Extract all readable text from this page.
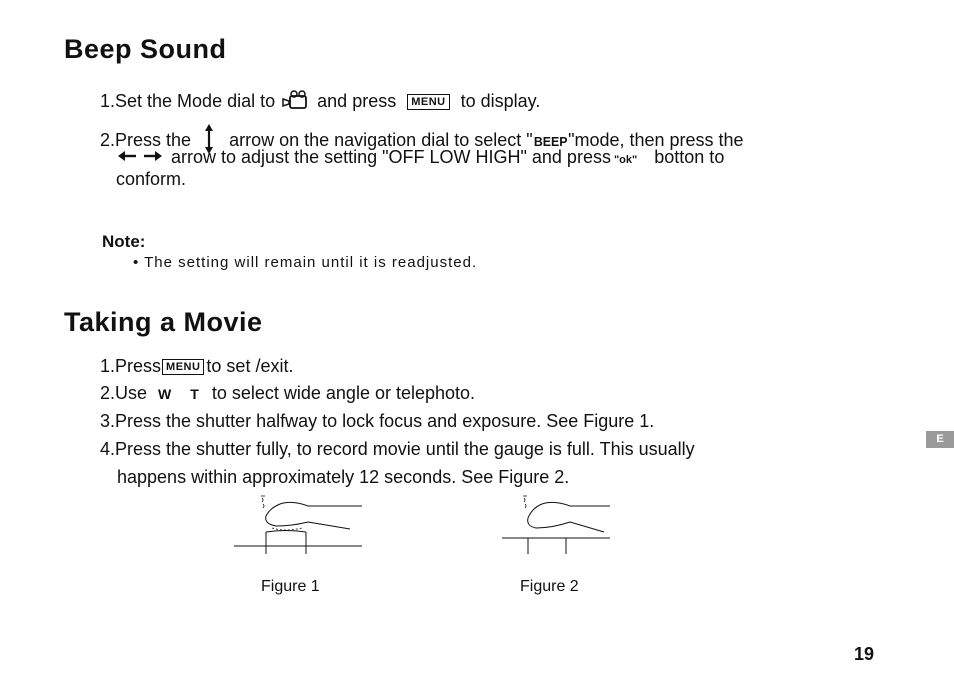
Beep Sound
1.Set the Mode dial to and press MENU to display.
2.Press the arrow on the navigation dial to select "BEEP"mode, then press the
arrow to adjust the setting "OFF LOW HIGH" and press "ok" botton to
conform.
Note:
• The setting will remain until it is readjusted.
Taking a Movie
1.Press MENU to set /exit.
2.Use W T to select wide angle or telephoto.
3.Press the shutter halfway to lock focus and exposure. See Figure 1.
4.Press the shutter fully, to record movie until the gauge is full. This usually
happens within approximately 12 seconds. See Figure 2.
Figure 1	Figure 2
E
19
